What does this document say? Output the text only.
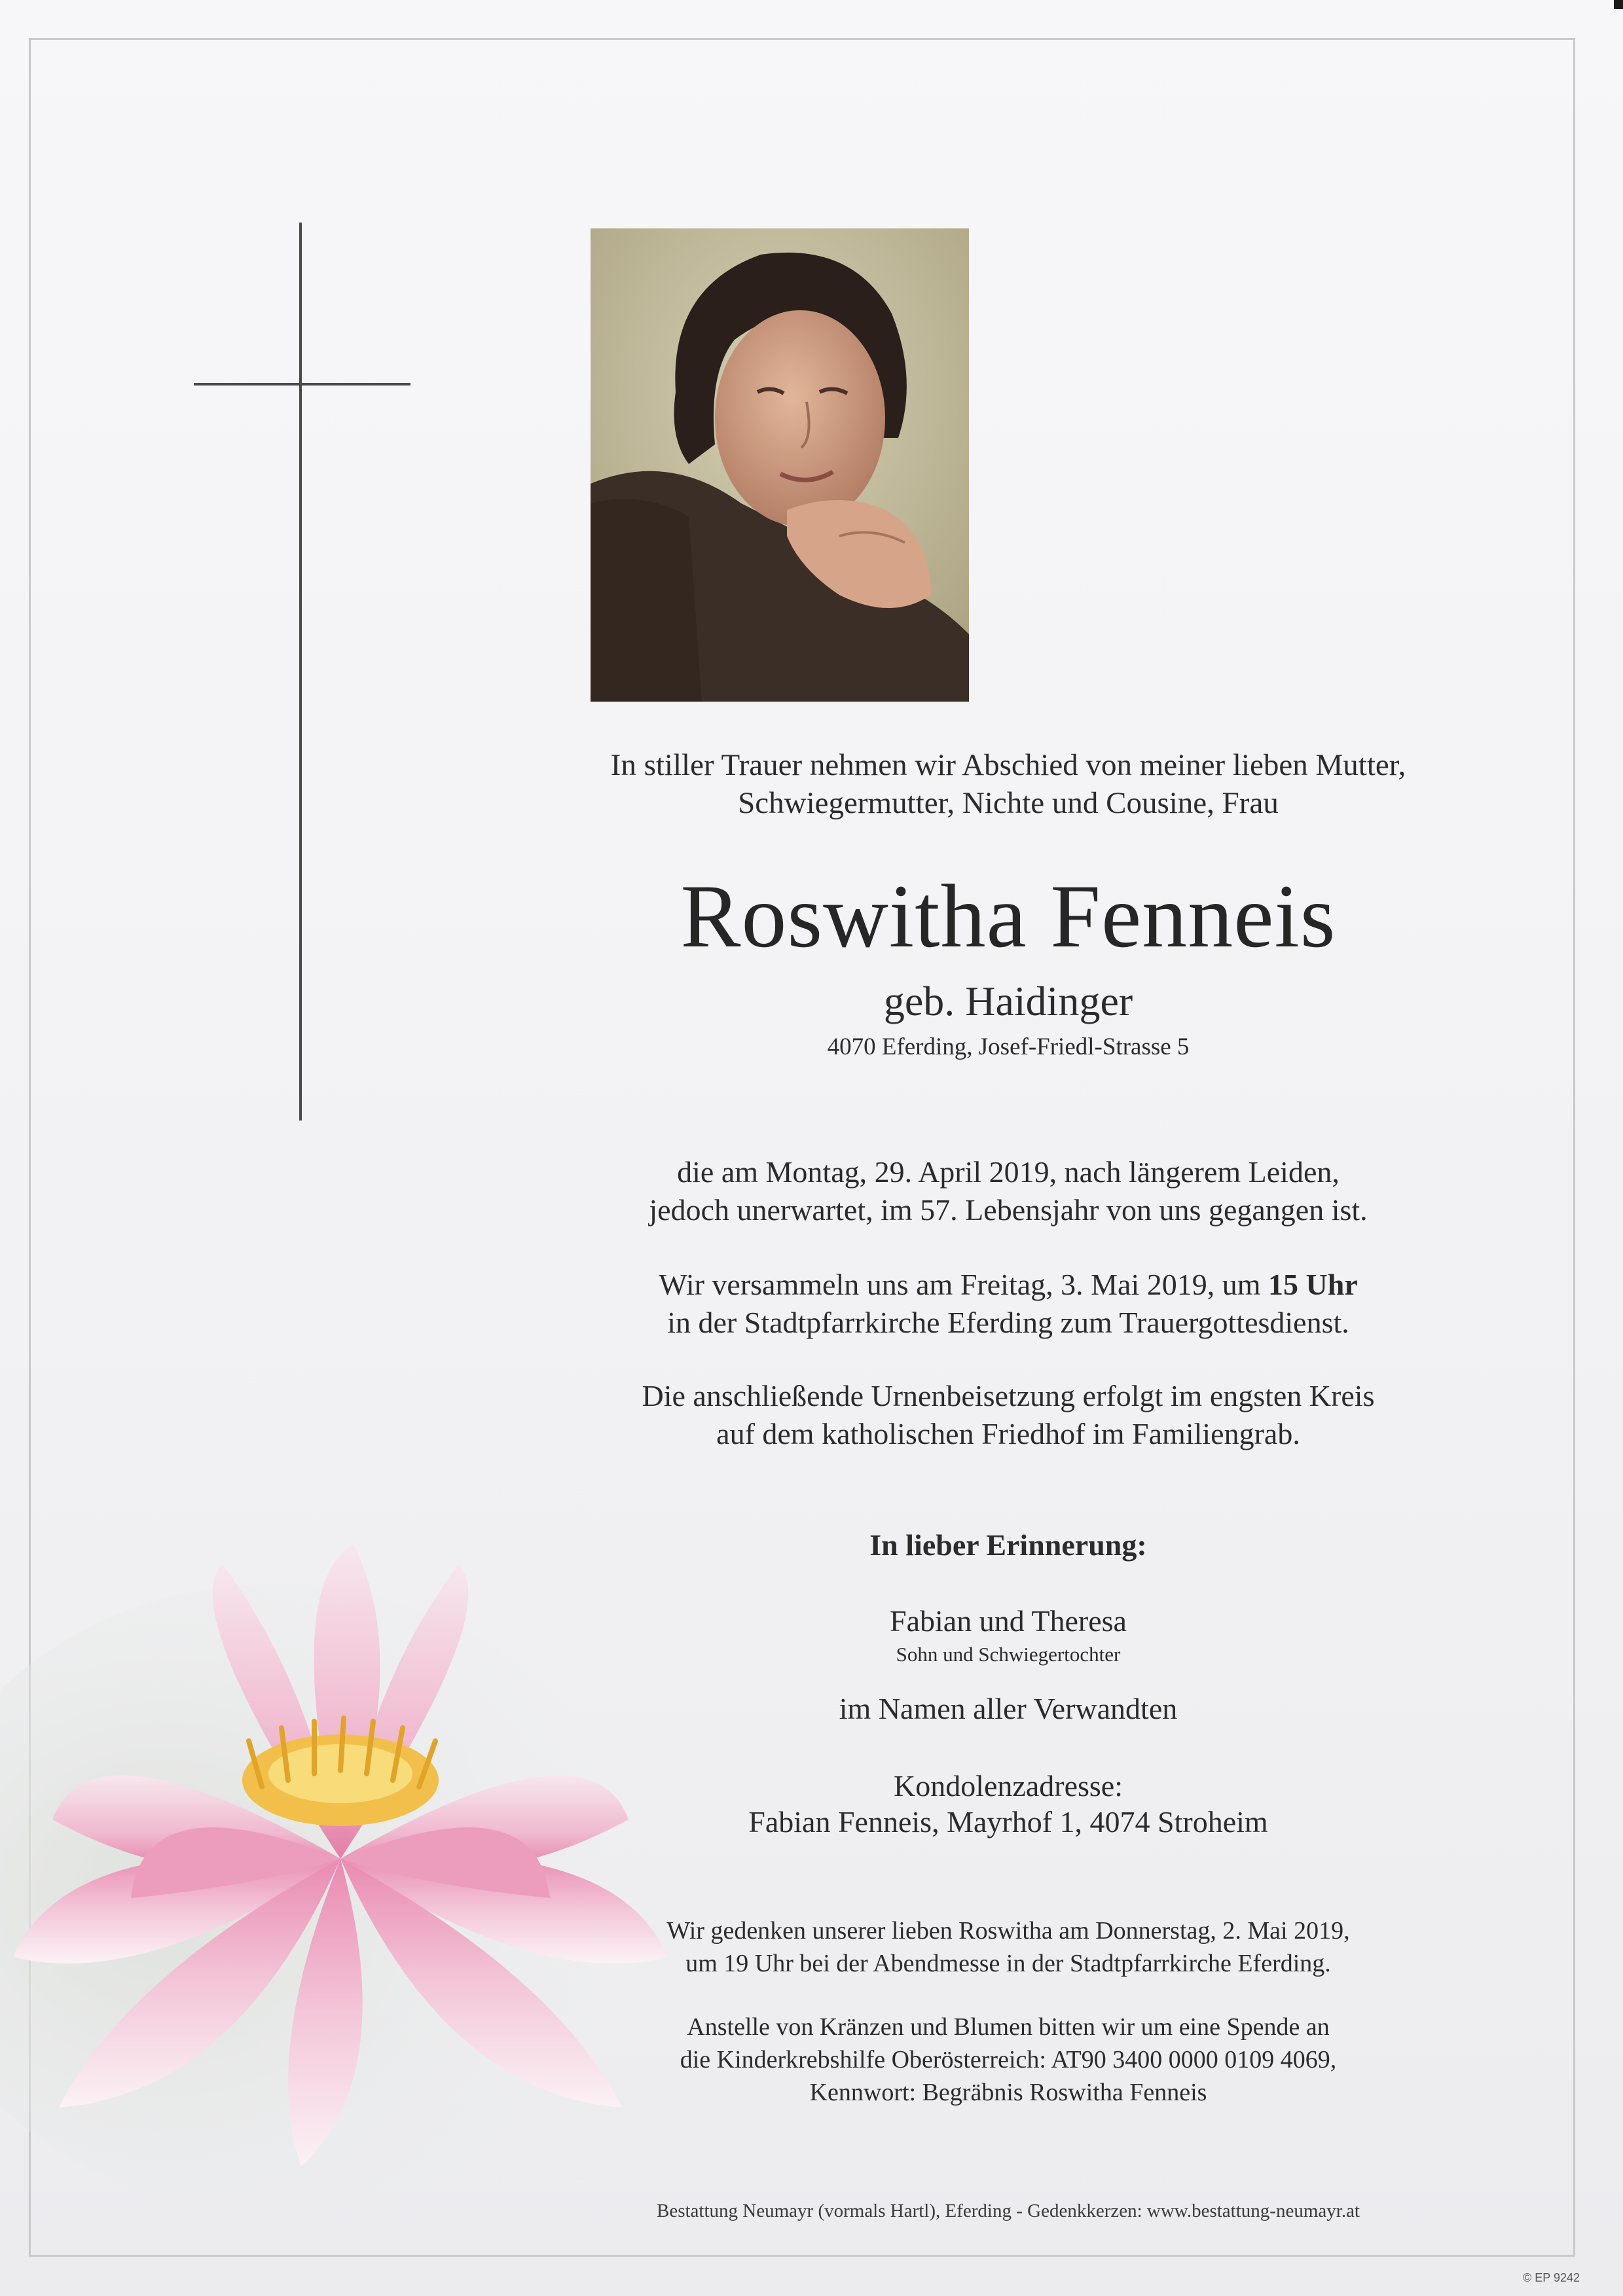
In stiller Trauer nehmen wir Abschied von meiner lieben Mutter,
Schwiegermutter, Nichte und Cousine, Frau
Roswitha Fenneis
geb. Haidinger
4070 Eferding, Josef-Friedl-Strasse 5
die am Montag, 29. April 2019, nach längerem Leiden,
jedoch unerwartet, im 57. Lebensjahr von uns gegangen ist.
Wir versammeln uns am Freitag, 3. Mai 2019, um 15 Uhr
in der Stadtpfarrkirche Eferding zum Trauergottesdienst.
Die anschließende Urnenbeisetzung erfolgt im engsten Kreis
auf dem katholischen Friedhof im Familiengrab.
In lieber Erinnerung:
Fabian und Theresa
Sohn und Schwiegertochter
im Namen aller Verwandten
Kondolenzadresse:
Fabian Fenneis, Mayrhof 1, 4074 Stroheim
Wir gedenken unserer lieben Roswitha am Donnerstag, 2. Mai 2019,
um 19 Uhr bei der Abendmesse in der Stadtpfarrkirche Eferding.
Anstelle von Kränzen und Blumen bitten wir um eine Spende an
die Kinderkrebshilfe Oberösterreich: AT90 3400 0000 0109 4069,
Kennwort: Begräbnis Roswitha Fenneis
Bestattung Neumayr (vormals Hartl), Eferding - Gedenkkerzen: www.bestattung-neumayr.at
© EP 9242
